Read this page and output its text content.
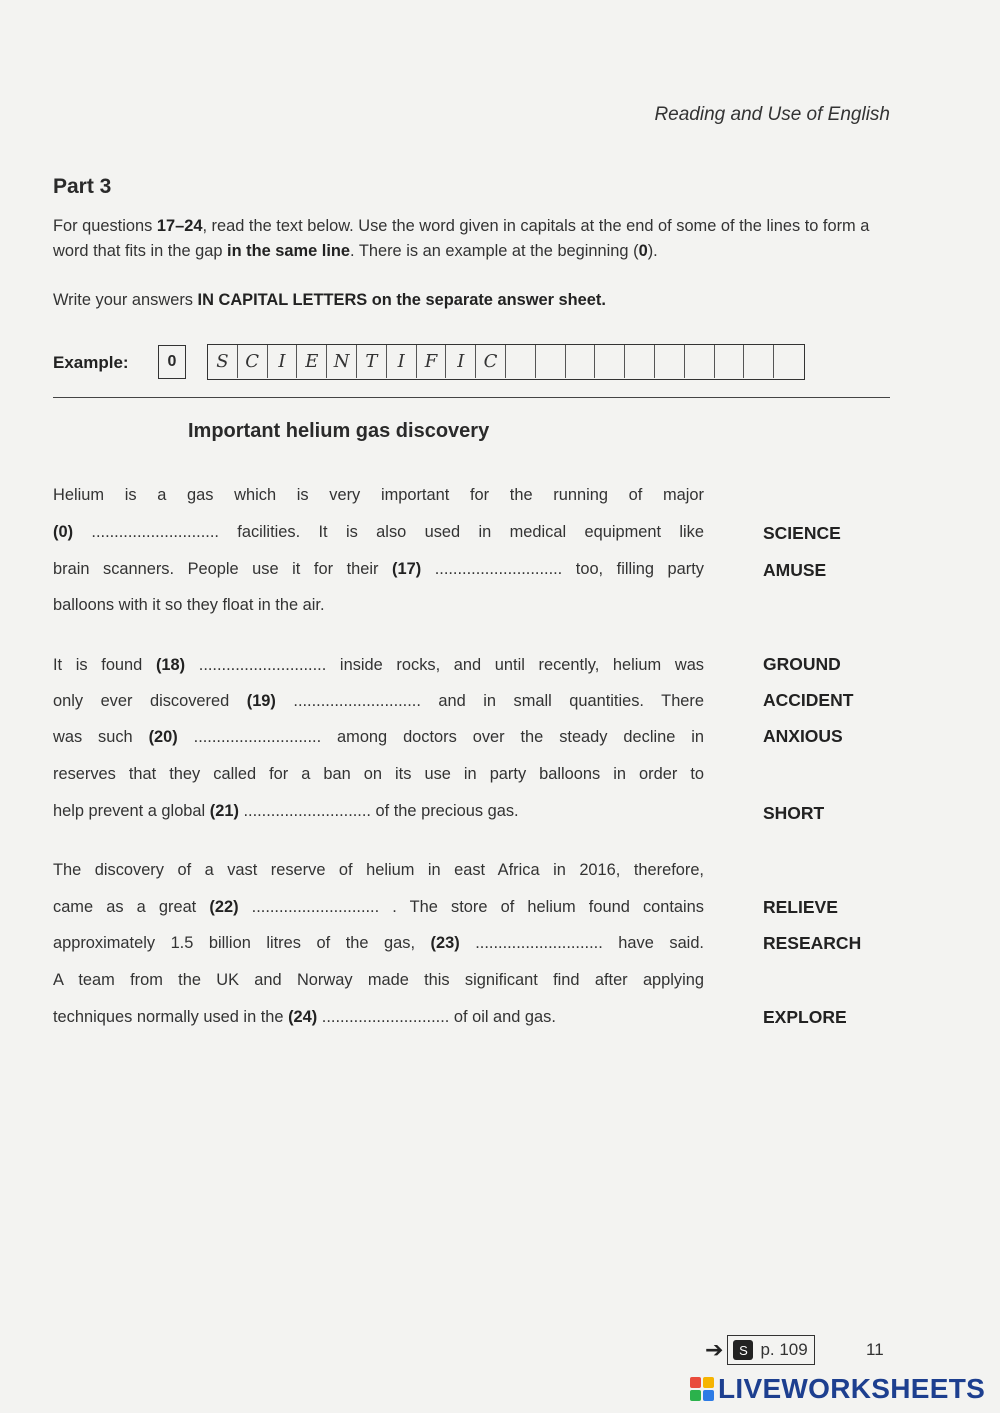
Reading and Use of English
Part 3
For questions 17–24, read the text below. Use the word given in capitals at the end of some of the lines to form a word that fits in the gap in the same line. There is an example at the beginning (0).
Write your answers IN CAPITAL LETTERS on the separate answer sheet.
Example:	0	S C	I	E N T	I	F	I	C
Important helium gas discovery
Helium is a gas which is very important for the running of major
(0) ............................ facilities. It is also used in medical equipment like
brain scanners. People use it for their (17) ............................ too, filling party
balloons with it so they float in the air.
It is found (18) ............................ inside rocks, and until recently, helium was
only ever discovered (19) ............................ and in small quantities. There
was such (20) ............................ among doctors over the steady decline in
reserves that they called for a ban on its use in party balloons in order to
help prevent a global (21) ............................ of the precious gas.
The discovery of a vast reserve of helium in east Africa in 2016, therefore,
came as a great (22) ............................ . The store of helium found contains
approximately 1.5 billion litres of the gas, (23) ............................ have said.
A team from the UK and Norway made this significant find after applying
techniques normally used in the (24) ............................ of oil and gas.
SCIENCE
AMUSE
GROUND
ACCIDENT
ANXIOUS
SHORT
RELIEVE
RESEARCH
EXPLORE
➔	S p. 109	11
LIVEWORKSHEETS
